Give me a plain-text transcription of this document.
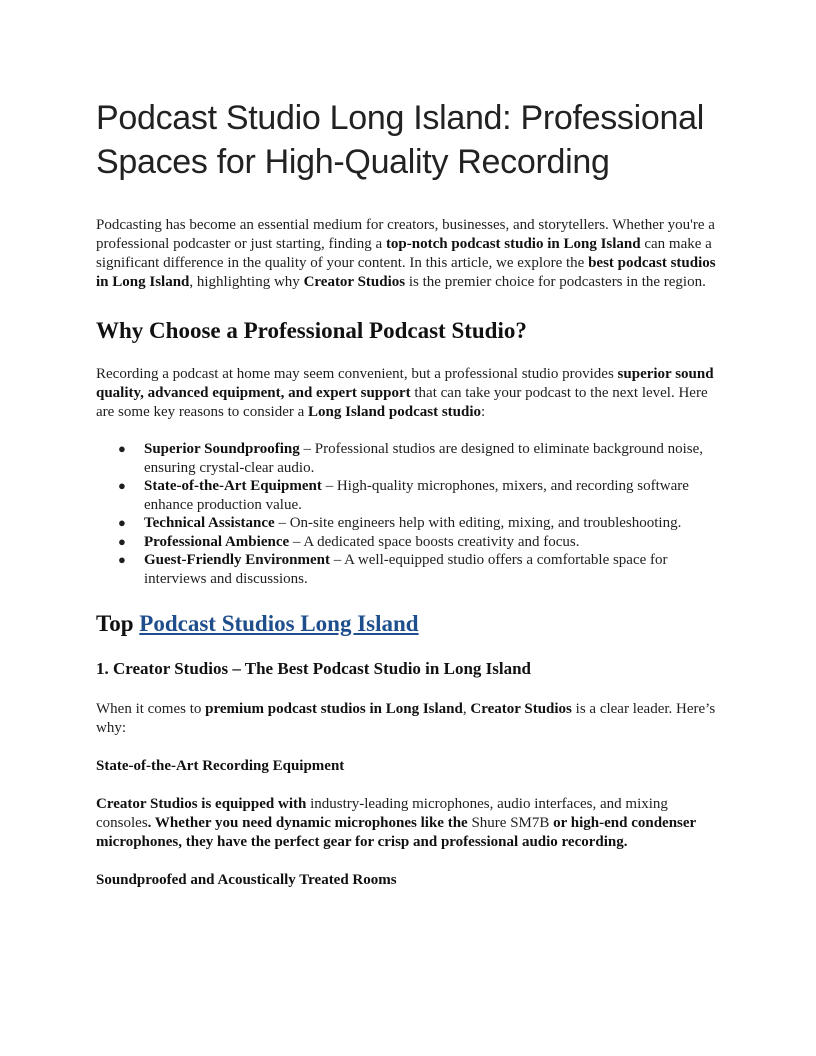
Podcast Studio Long Island: Professional Spaces for High-Quality Recording

Podcasting has become an essential medium for creators, businesses, and storytellers. Whether you're a professional podcaster or just starting, finding a top-notch podcast studio in Long Island can make a significant difference in the quality of your content. In this article, we explore the best podcast studios in Long Island, highlighting why Creator Studios is the premier choice for podcasters in the region.

Why Choose a Professional Podcast Studio?

Recording a podcast at home may seem convenient, but a professional studio provides superior sound quality, advanced equipment, and expert support that can take your podcast to the next level. Here are some key reasons to consider a Long Island podcast studio:

● Superior Soundproofing – Professional studios are designed to eliminate background noise, ensuring crystal-clear audio.
● State-of-the-Art Equipment – High-quality microphones, mixers, and recording software enhance production value.
● Technical Assistance – On-site engineers help with editing, mixing, and troubleshooting.
● Professional Ambience – A dedicated space boosts creativity and focus.
● Guest-Friendly Environment – A well-equipped studio offers a comfortable space for interviews and discussions.
Top Podcast Studios Long Island
1. Creator Studios – The Best Podcast Studio in Long Island

When it comes to premium podcast studios in Long Island, Creator Studios is a clear leader. Here’s why:

State-of-the-Art Recording Equipment

Creator Studios is equipped with industry-leading microphones, audio interfaces, and mixing consoles. Whether you need dynamic microphones like the Shure SM7B or high-end condenser microphones, they have the perfect gear for crisp and professional audio recording.

Soundproofed and Acoustically Treated Rooms
